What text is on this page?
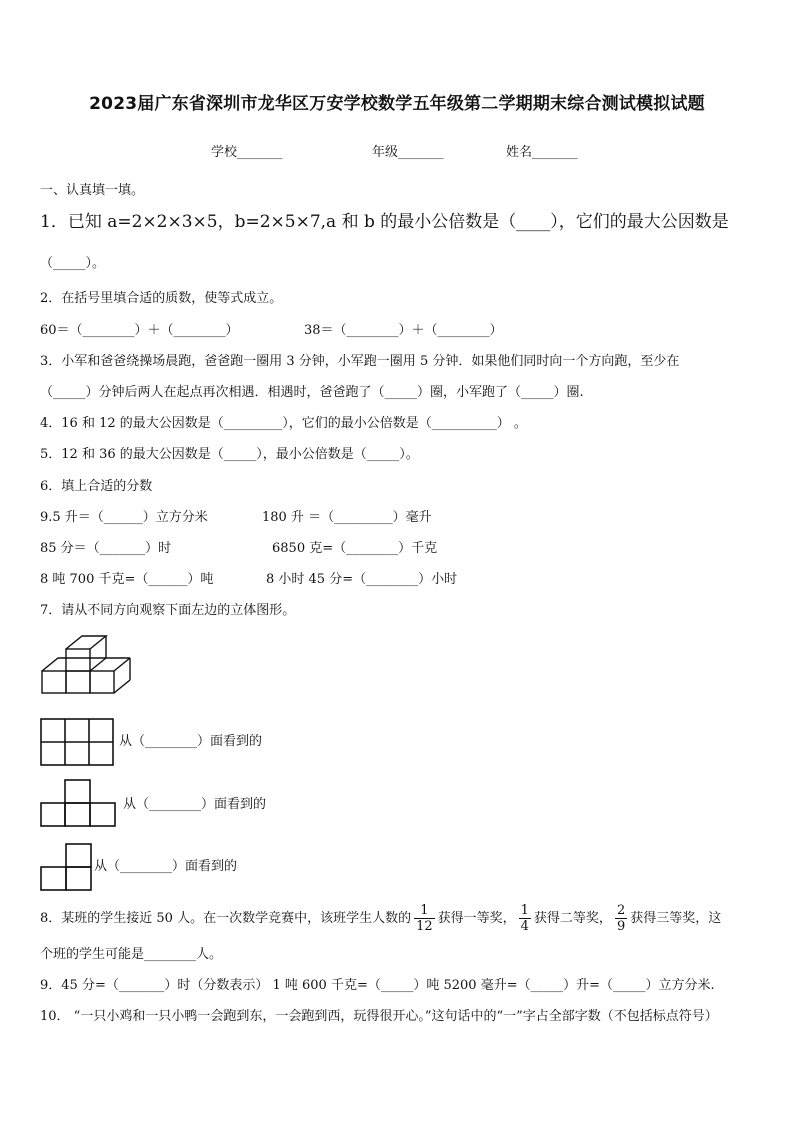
2023届广东省深圳市龙华区万安学校数学五年级第二学期期末综合测试模拟试题
学校_______	年级_______	姓名_______
一、认真填一填。
1．已知 a=2×2×3×5，b=2×5×7,a 和 b 的最小公倍数是（____），它们的最大公因数是
（_____）。
2．在括号里填合适的质数，使等式成立。
60＝（________）＋（________）	38＝（________）＋（________）
3．小军和爸爸绕操场晨跑，爸爸跑一圈用 3 分钟，小军跑一圈用 5 分钟．如果他们同时向一个方向跑，至少在
（_____）分钟后两人在起点再次相遇．相遇时，爸爸跑了（_____）圈，小军跑了（_____）圈.
4．16 和 12 的最大公因数是（_________），它们的最小公倍数是（__________） 。
5．12 和 36 的最大公因数是（_____），最小公倍数是（_____）。
6．填上合适的分数
9.5 升＝（______）立方分米	180 升 ＝（_________）毫升
85 分＝（_______）时	6850 克=（________）千克
8 吨 700 千克=（______）吨	8 小时 45 分=（________）小时
7．请从不同方向观察下面左边的立体图形。
从（________）面看到的
从（________）面看到的
从（________）面看到的
8．某班的学生接近 50 人。在一次数学竞赛中，该班学生人数的 $\frac{1}{12}$ 获得一等奖， $\frac{1}{4}$ 获得二等奖， $\frac{2}{9}$ 获得三等奖，这
个班的学生可能是________人。
9．45 分=（_______）时（分数表示） 1 吨 600 千克=（_____）吨 5200 毫升=（_____）升=（_____）立方分米.
10． “一只小鸡和一只小鸭一会跑到东，一会跑到西，玩得很开心。”这句话中的“一”字占全部字数（不包括标点符号）
